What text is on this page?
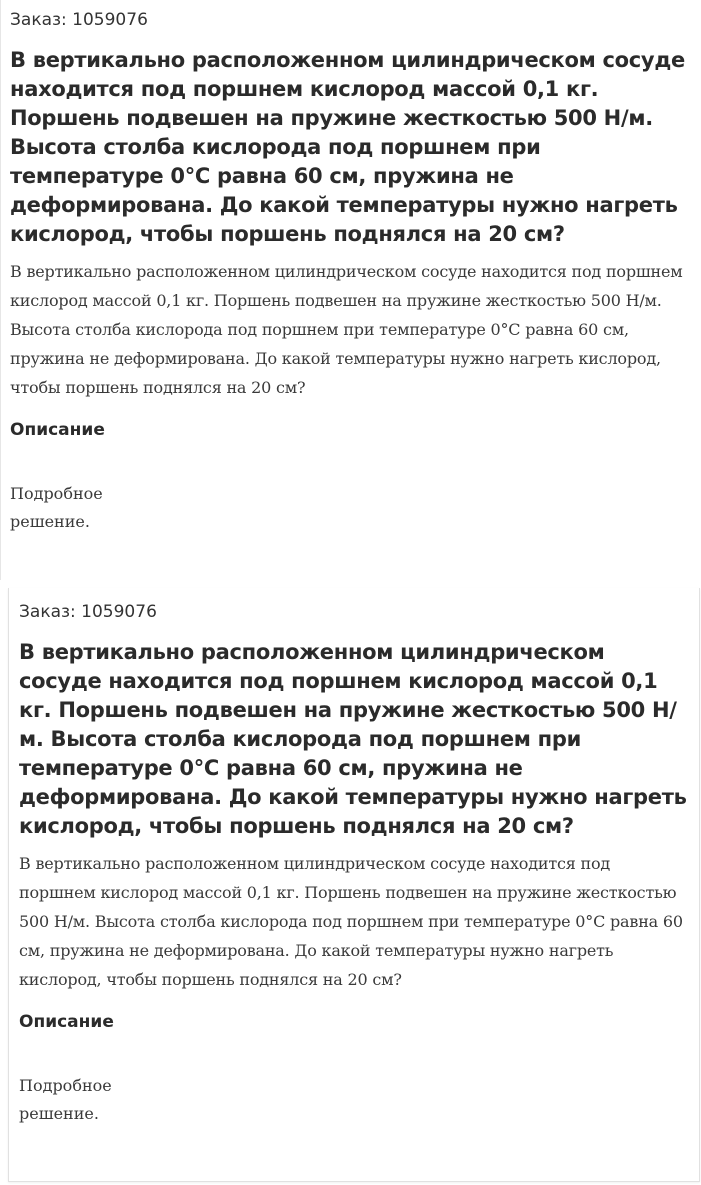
Заказ: 1059076
В вертикально расположенном цилиндрическом сосуде находится под поршнем кислород массой 0,1 кг. Поршень подвешен на пружине жесткостью 500 Н/м. Высота столба кислорода под поршнем при температуре 0°С равна 60 см, пружина не деформирована. До какой температуры нужно нагреть кислород, чтобы поршень поднялся на 20 см?

В вертикально расположенном цилиндрическом сосуде находится под поршнем кислород массой 0,1 кг. Поршень подвешен на пружине жесткостью 500 Н/м. Высота столба кислорода под поршнем при температуре 0°С равна 60 см, пружина не деформирована. До какой температуры нужно нагреть кислород, чтобы поршень поднялся на 20 см?

Описание
Подробное решение.
Заказ: 1059076
В вертикально расположенном цилиндрическом сосуде находится под поршнем кислород массой 0,1 кг. Поршень подвешен на пружине жесткостью 500 Н/м. Высота столба кислорода под поршнем при температуре 0°С равна 60 см, пружина не деформирована. До какой температуры нужно нагреть кислород, чтобы поршень поднялся на 20 см?

В вертикально расположенном цилиндрическом сосуде находится под поршнем кислород массой 0,1 кг. Поршень подвешен на пружине жесткостью 500 Н/м. Высота столба кислорода под поршнем при температуре 0°С равна 60 см, пружина не деформирована. До какой температуры нужно нагреть кислород, чтобы поршень поднялся на 20 см?

Описание
Подробное решение.
